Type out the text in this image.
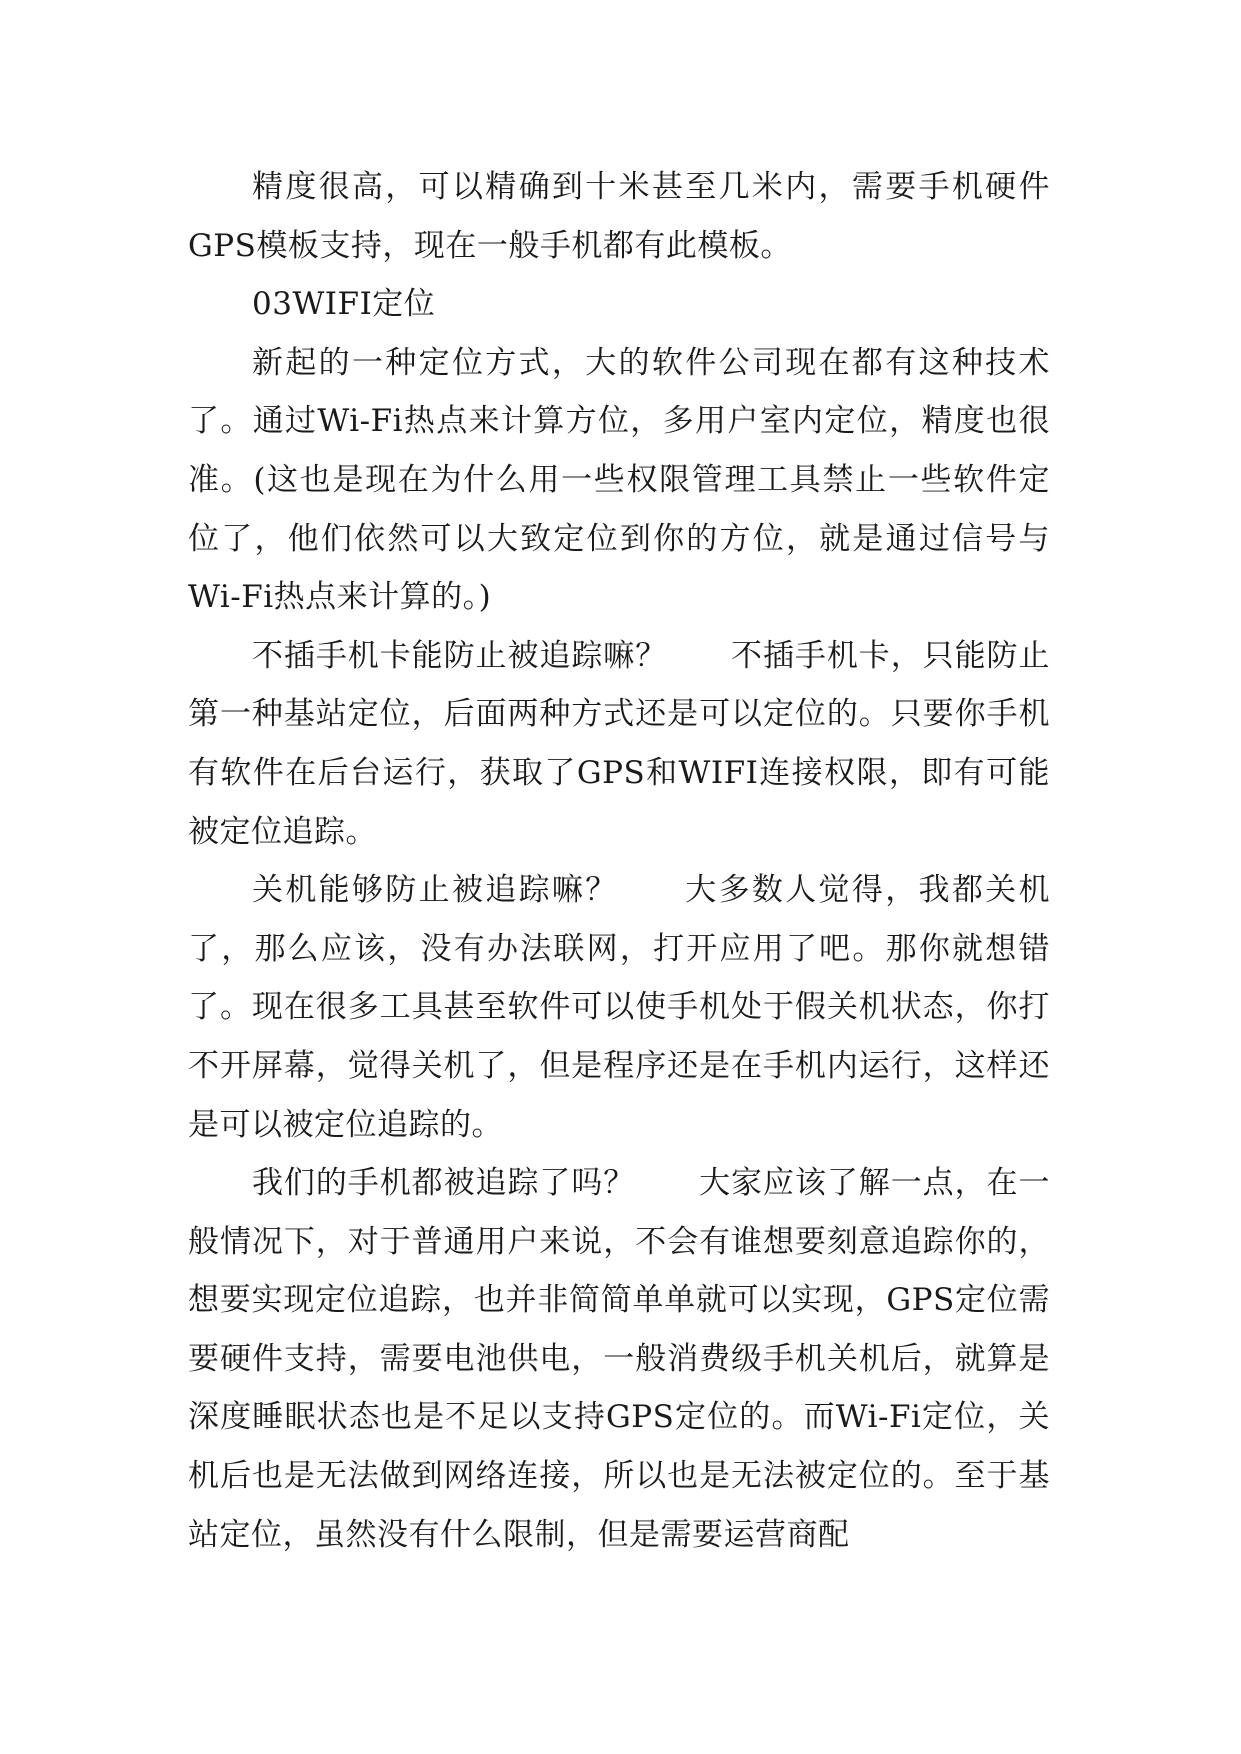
精度很高，可以精确到十米甚至几米内，需要手机硬件GPS模板支持，现在一般手机都有此模板。

03WIFI定位

新起的一种定位方式，大的软件公司现在都有这种技术了。通过Wi-Fi热点来计算方位，多用户室内定位，精度也很准。(这也是现在为什么用一些权限管理工具禁止一些软件定位了，他们依然可以大致定位到你的方位，就是通过信号与Wi-Fi热点来计算的。)

不插手机卡能防止被追踪嘛？　　不插手机卡，只能防止第一种基站定位，后面两种方式还是可以定位的。只要你手机有软件在后台运行，获取了GPS和WIFI连接权限，即有可能被定位追踪。

关机能够防止被追踪嘛？　　大多数人觉得，我都关机了，那么应该，没有办法联网，打开应用了吧。那你就想错了。现在很多工具甚至软件可以使手机处于假关机状态，你打不开屏幕，觉得关机了，但是程序还是在手机内运行，这样还是可以被定位追踪的。

我们的手机都被追踪了吗？　　大家应该了解一点，在一般情况下，对于普通用户来说，不会有谁想要刻意追踪你的，想要实现定位追踪，也并非简简单单就可以实现，GPS定位需要硬件支持，需要电池供电，一般消费级手机关机后，就算是深度睡眠状态也是不足以支持GPS定位的。而Wi-Fi定位，关机后也是无法做到网络连接，所以也是无法被定位的。至于基站定位，虽然没有什么限制，但是需要运营商配
